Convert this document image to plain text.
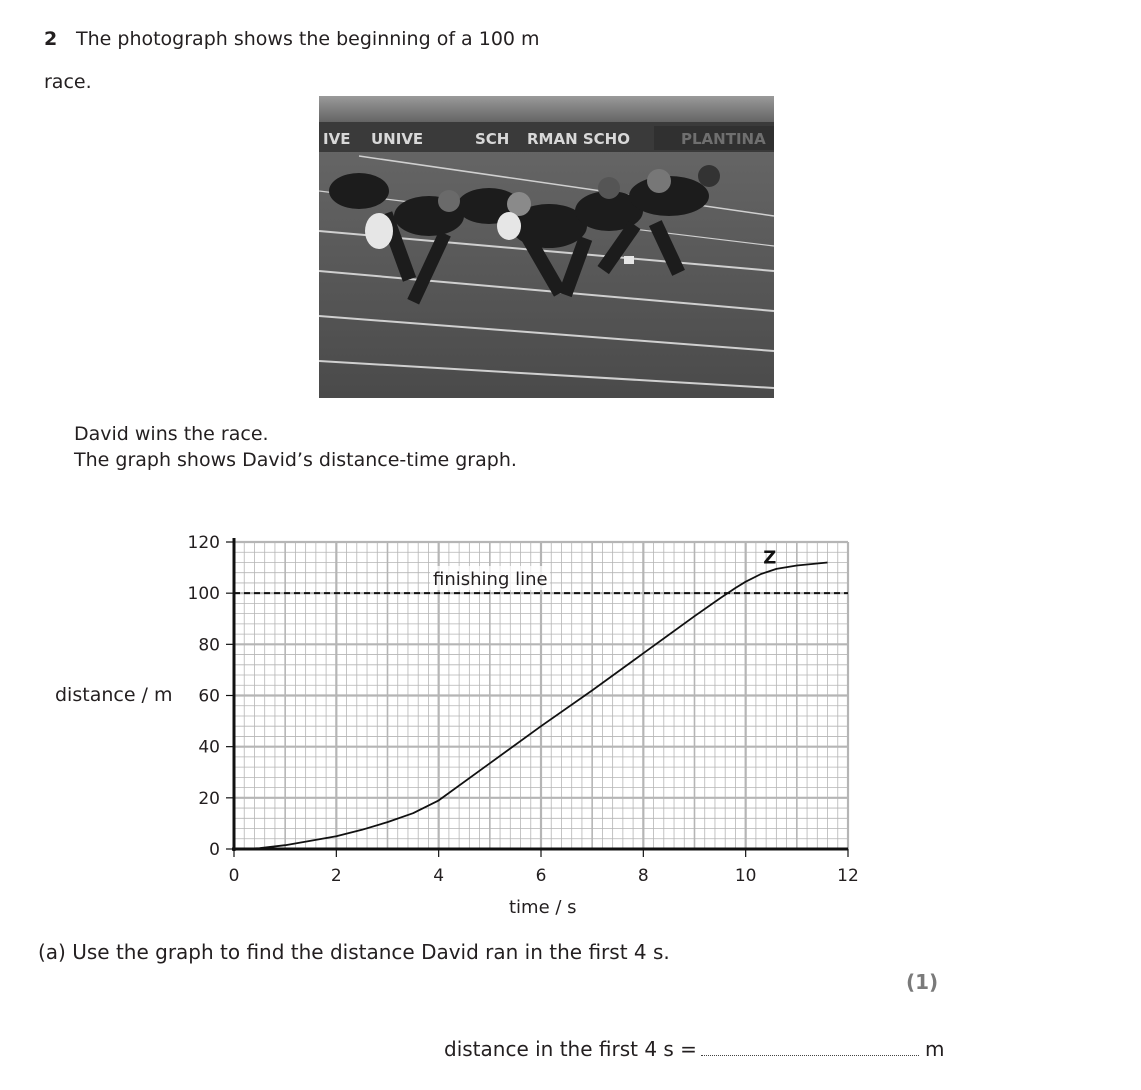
2 The photograph shows the beginning of a 100 m
race.
IVE UNIVE	SCH RMAN SCHO
David wins the race.
The graph shows David’s distance-time graph.
distance / m
time / s
0
20
40
60
80
100
120
0	2	4	6	8	10	12
finishing line
Z
(a) Use the graph to find the distance David ran in the first 4 s.
(1)
distance in the first 4 s =	m
